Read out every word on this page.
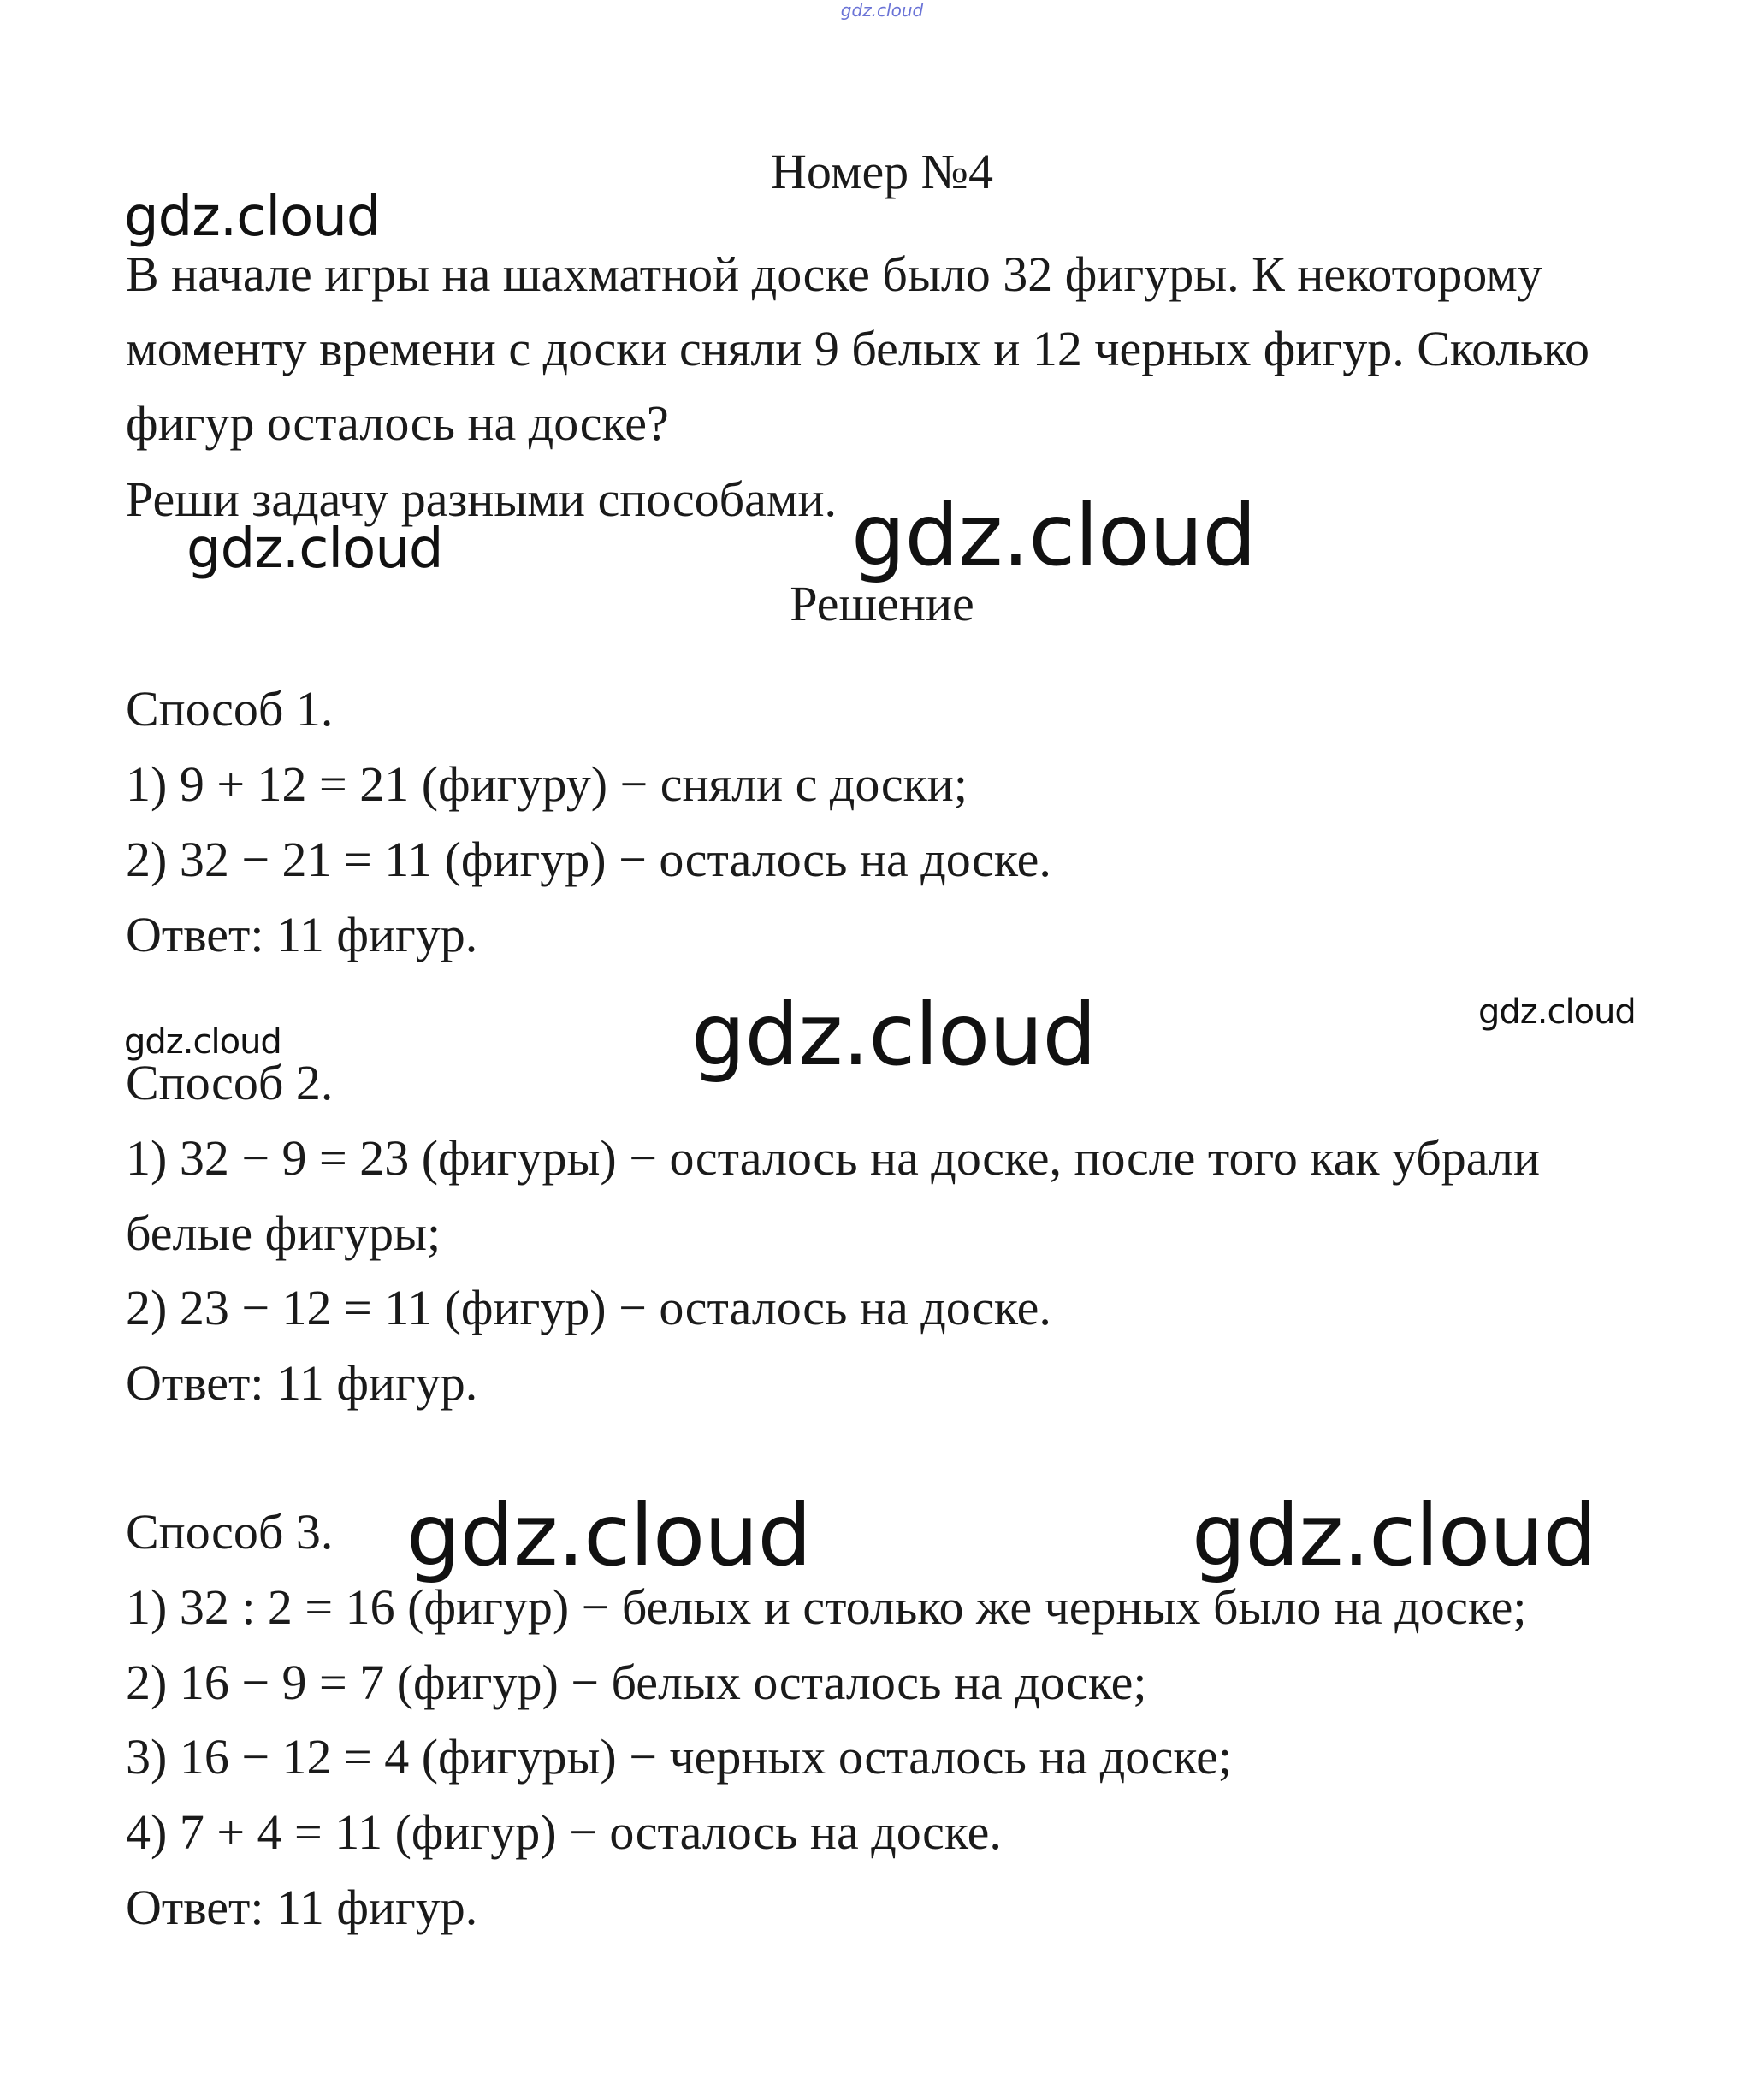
gdz.cloud
Номер №4
В начале игры на шахматной доске было 32 фигуры. К некоторому
моменту времени с доски сняли 9 белых и 12 черных фигур. Сколько
фигур осталось на доске?
Реши задачу разными способами.
Решение
Способ 1.
1) 9 + 12 = 21 (фигуру) − сняли с доски;
2) 32 − 21 = 11 (фигур) − осталось на доске.
Ответ: 11 фигур.
Способ 2.
1) 32 − 9 = 23 (фигуры) − осталось на доске, после того как убрали
белые фигуры;
2) 23 − 12 = 11 (фигур) − осталось на доске.
Ответ: 11 фигур.
Способ 3.
1) 32 : 2 = 16 (фигур) − белых и столько же черных было на доске;
2) 16 − 9 = 7 (фигур) − белых осталось на доске;
3) 16 − 12 = 4 (фигуры) − черных осталось на доске;
4) 7 + 4 = 11 (фигур) − осталось на доске.
Ответ: 11 фигур.
gdz.cloud
gdz.cloud	gdz.cloud
gdz.cloud	gdz.cloud	gdz.cloud
gdz.cloud	gdz.cloud
